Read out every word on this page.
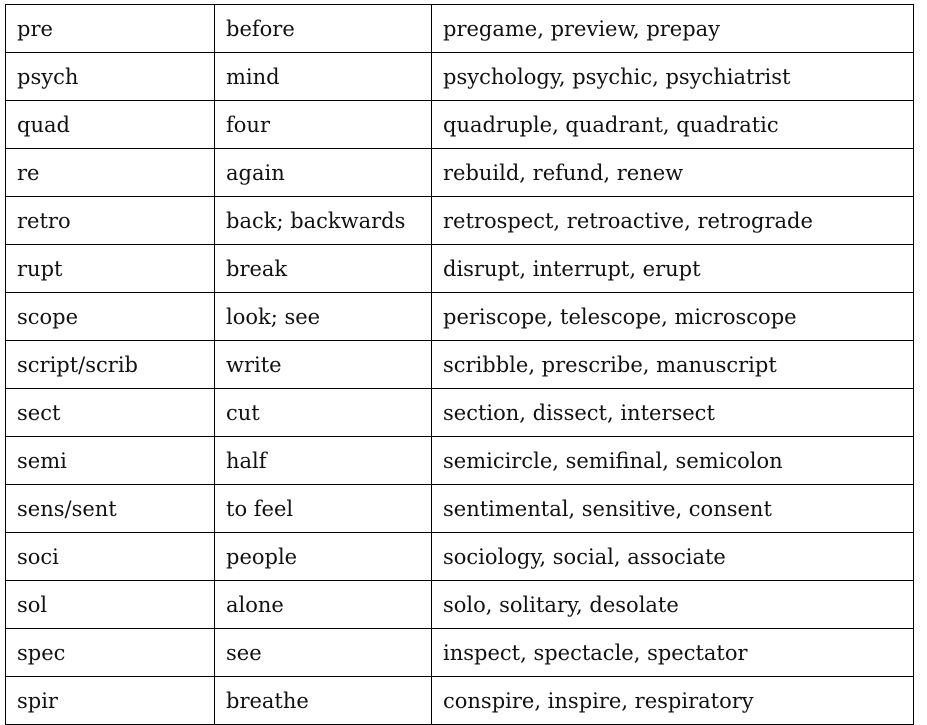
pre	before	pregame, preview, prepay
psych	mind	psychology, psychic, psychiatrist
quad	four	quadruple, quadrant, quadratic
re	again	rebuild, refund, renew
retro	back; backwards	retrospect, retroactive, retrograde
rupt	break	disrupt, interrupt, erupt
scope	look; see	periscope, telescope, microscope
script/scrib	write	scribble, prescribe, manuscript
sect	cut	section, dissect, intersect
semi	half	semicircle, semifinal, semicolon
sens/sent	to feel	sentimental, sensitive, consent
soci	people	sociology, social, associate
sol	alone	solo, solitary, desolate
spec	see	inspect, spectacle, spectator
spir	breathe	conspire, inspire, respiratory
